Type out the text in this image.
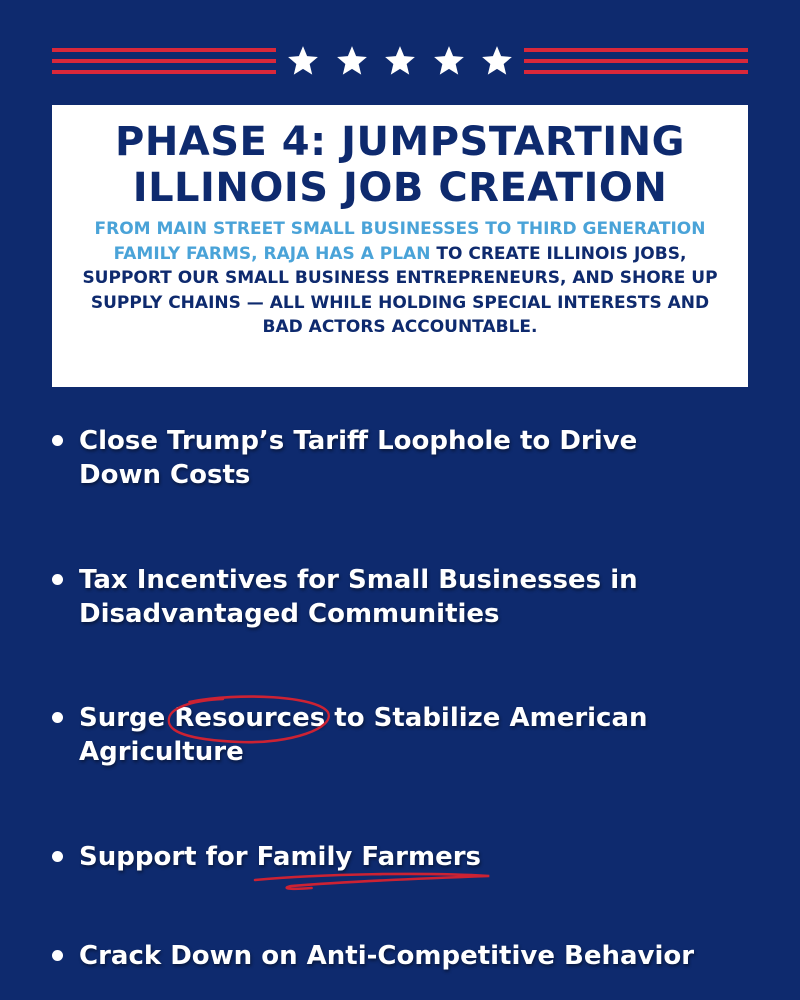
PHASE 4: JUMPSTARTING
ILLINOIS JOB CREATION

FROM MAIN STREET SMALL BUSINESSES TO THIRD GENERATION FAMILY FARMS, RAJA HAS A PLAN TO CREATE ILLINOIS JOBS, SUPPORT OUR SMALL BUSINESS ENTREPRENEURS, AND SHORE UP SUPPLY CHAINS — ALL WHILE HOLDING SPECIAL INTERESTS AND BAD ACTORS ACCOUNTABLE.

Close Trump’s Tariff Loophole to Drive
Down Costs
Tax Incentives for Small Businesses in
Disadvantaged Communities
Surge Resources
to Stabilize American
Agriculture
Support for Family Farmers
Crack Down on Anti-Competitive Behavior
